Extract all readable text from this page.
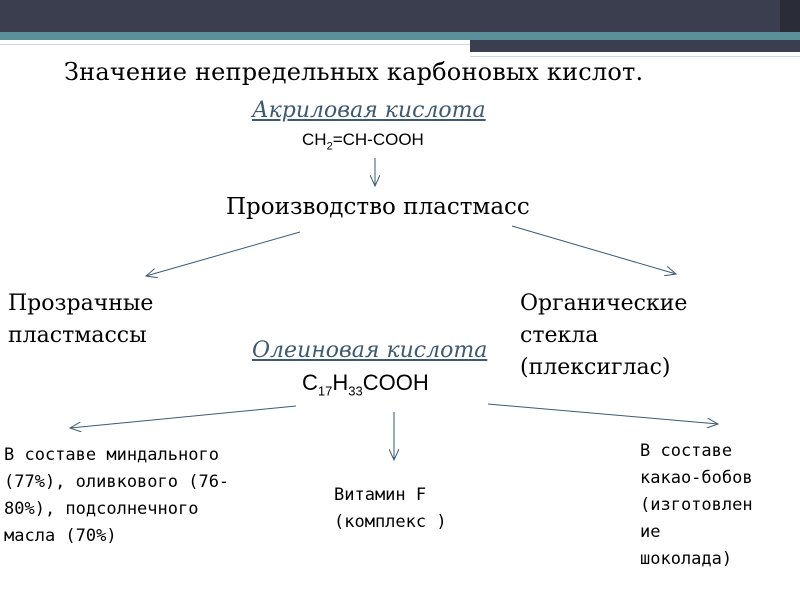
Значение непредельных карбоновых кислот.
Акриловая кислота
$CH_2=CH$-COOH
Производство пластмасс
Прозрачные
пластмассы
Органические
стекла
(плексиглас)
Олеиновая кислота
$C_{17}H_{33}COOH$
В составе миндального
(77%), оливкового (76-
80%), подсолнечного
масла (70%)
Витамин F
(комплекс )
В составе
какао-бобов
(изготовлен
ие
шоколада)
